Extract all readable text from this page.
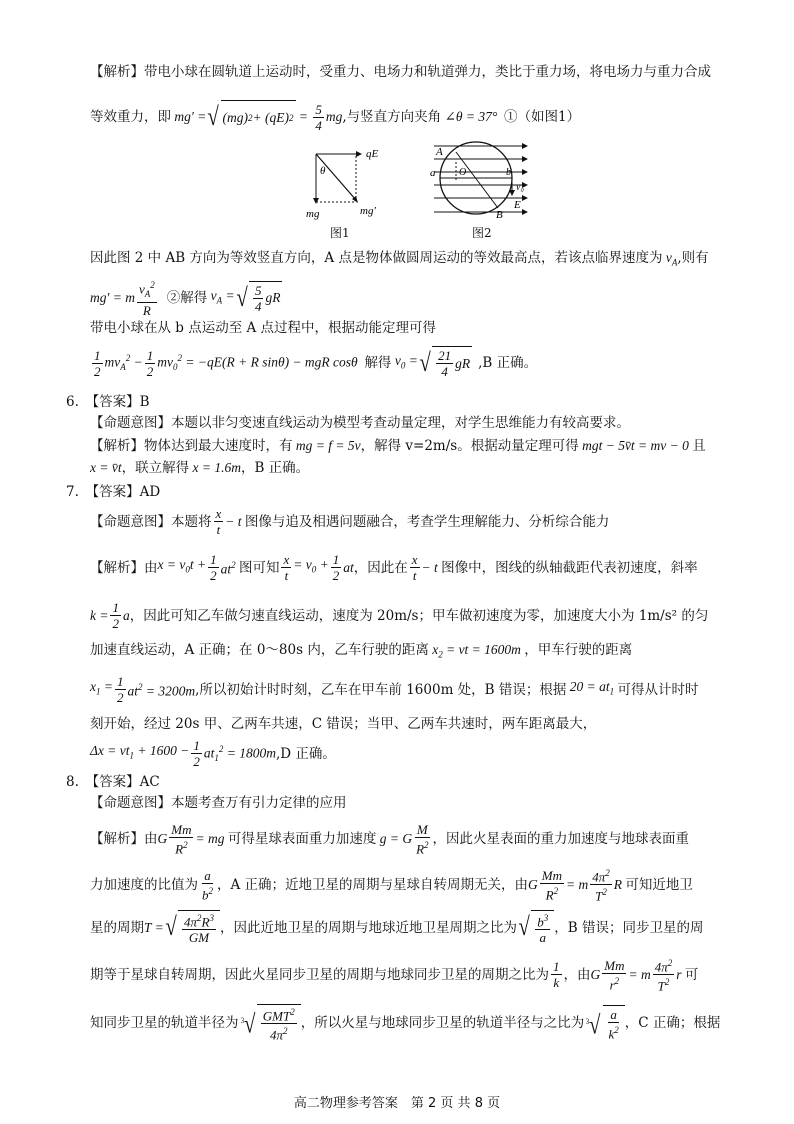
【解析】带电小球在圆轨道上运动时，受重力、电场力和轨道弹力，类比于重力场，将电场力与重力合成
等效重力，即 mg' = √ (mg) 2 + (qE) $2 = \frac{5}{4}$ mg ,与竖直方向夹角 ∠θ = 37° ①（如图1）
qE
θ
mg	mg′
图1
A
a O	b
v₀
E
B
图2
因此图 2 中 AB 方向为等效竖直方向，A 点是物体做圆周运动的等效最高点，若该点临界速度为 $v_A$,则有
mg' = m $\frac{v_A^2}{R}$ ②解得 $v_A$ = √ $\frac{5}{4}$ gR
带电小球在从 b 点运动至 A 点过程中，根据动能定理可得
$\frac{1}{2} mv_A^2 - \frac{1}{2} mv_0^2 = -qE(R + R$ sinθ) − mgR cosθ 解得 $v_0$ = √ $\frac{21}{4}$ gR ,B 正确。
6.　【答案】B
【命题意图】本题以非匀变速直线运动为模型考查动量定理，对学生思维能力有较高要求。
【解析】物体达到最大速度时，有 mg = f = 5v，解得 v=2m/s。根据动量定理可得 mgt − 5v̄t = mv − 0 且
x = v̄t，联立解得 x = 1.6m，B 正确。
7.　【答案】AD
【命题意图】本题将 $\frac{x}{t} - t$ 图像与追及相遇问题融合，考查学生理解能力、分析综合能力
【解析】由 $x = v_0t + \frac{1}{2} at^2$ 图可知 $\frac{x}{t} = v_0 + \frac{1}{2}$ at ，因此在 $\frac{x}{t} - t$ 图像中，图线的纵轴截距代表初速度，斜率
$k = \frac{1}{2}$ a ，因此可知乙车做匀速直线运动，速度为 20m/s；甲车做初速度为零，加速度大小为 1m/s² 的匀
加速直线运动，A 正确；在 0～80s 内，乙车行驶的距离 $x_2$ = vt = 1600m ，甲车行驶的距离
$x_1 = \frac{1}{2} at^2 = 3200m$ ,所以初始计时时刻，乙车在甲车前 1600m 处，B 错误；根据 $20 = at_1$ 可得从计时时
刻开始，经过 20s 甲、乙两车共速，C 错误；当甲、乙两车共速时，两车距离最大，
$\Delta x = vt_1 + 1600 - \frac{1}{2} at_1^2 = 1800m$ ,D 正确。
8.　【答案】AC
【命题意图】本题考查万有引力定律的应用
【解析】由 G $\frac{Mm}{R^2}$ = mg 可得星球表面重力加速度 g = G $\frac{M}{R^2}$ ，因此火星表面的重力加速度与地球表面重
力加速度的比值为 $\frac{a}{b^2}$ ，A 正确；近地卫星的周期与星球自转周期无关，由 G $\frac{Mm}{R^2} = m \frac{4\pi^2}{T^2}$ R 可知近地卫
星的周期 T = √ $\frac{4\pi^2R^3}{GM}$ ，因此近地卫星的周期与地球近地卫星周期之比为 √ $\frac{b^3}{a}$ ，B 错误；同步卫星的周
期等于星球自转周期，因此火星同步卫星的周期与地球同步卫星的周期之比为 $\frac{1}{k}$ ，由 G $\frac{Mm}{r^2} = m \frac{4\pi^2}{T^2}$ r 可
知同步卫星的轨道半径为 $^3√ \frac{GMT^2}{4\pi^2}$ ，所以火星与地球同步卫星的轨道半径与之比为 $^3√ \frac{a}{k^2}$ ，C 正确；根据
高二物理参考答案　第 2 页 共 8 页
